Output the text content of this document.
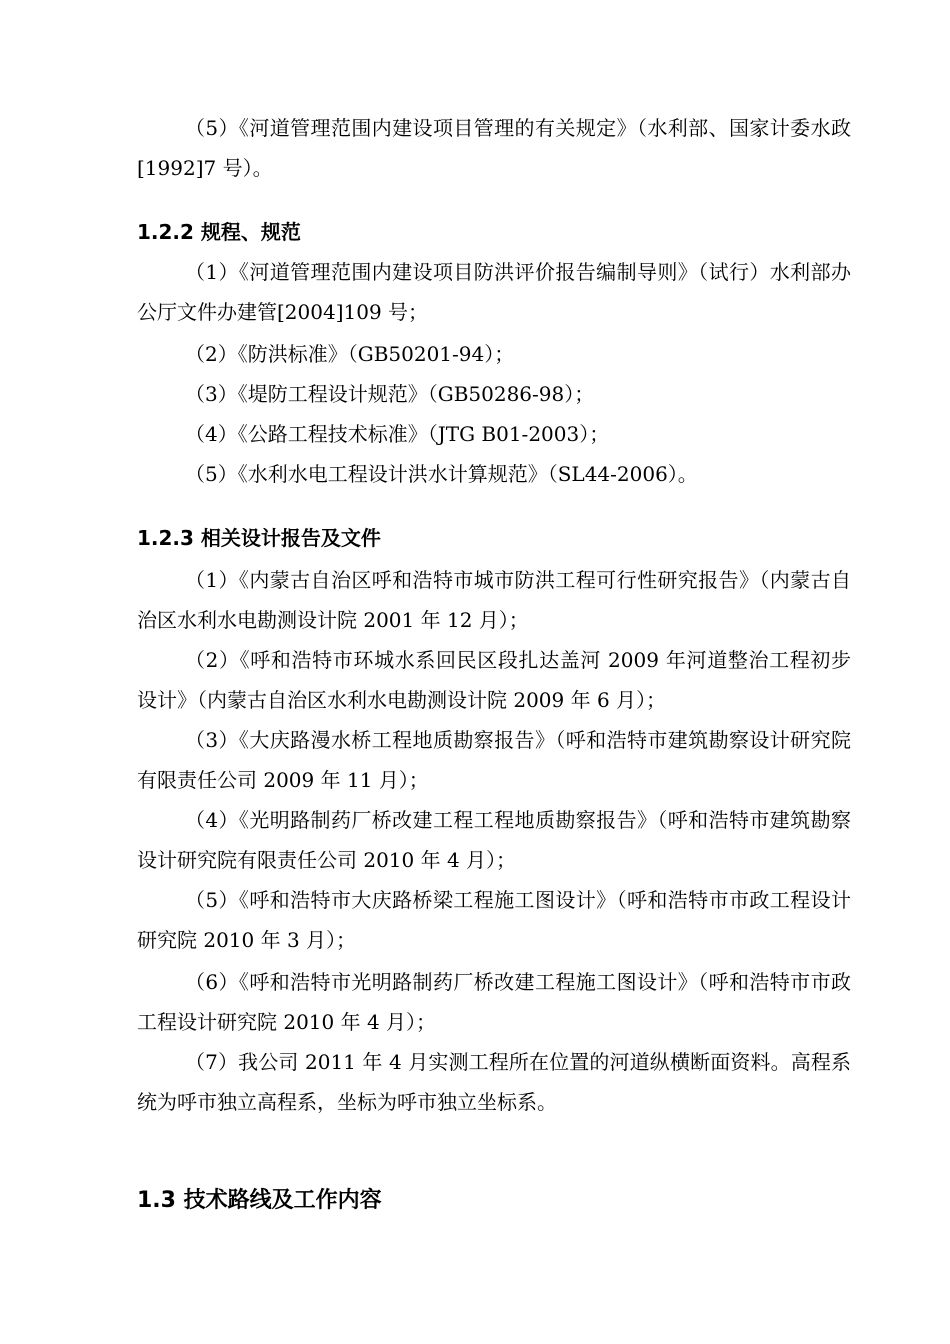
（5）《河道管理范围内建设项目管理的有关规定》（水利部、国家计委水政[1992]7 号）。

1.2.2 规程、规范

（1）《河道管理范围内建设项目防洪评价报告编制导则》（试行）水利部办公厅文件办建管[2004]109 号；

（2）《防洪标准》（GB50201-94）；

（3）《堤防工程设计规范》（GB50286-98）；

（4）《公路工程技术标准》（JTG B01-2003）；

（5）《水利水电工程设计洪水计算规范》（SL44-2006）。

1.2.3 相关设计报告及文件

（1）《内蒙古自治区呼和浩特市城市防洪工程可行性研究报告》（内蒙古自治区水利水电勘测设计院 2001 年 12 月）；

（2）《呼和浩特市环城水系回民区段扎达盖河 2009 年河道整治工程初步设计》（内蒙古自治区水利水电勘测设计院 2009 年 6 月）；

（3）《大庆路漫水桥工程地质勘察报告》（呼和浩特市建筑勘察设计研究院有限责任公司 2009 年 11 月）；

（4）《光明路制药厂桥改建工程工程地质勘察报告》（呼和浩特市建筑勘察设计研究院有限责任公司 2010 年 4 月）；

（5）《呼和浩特市大庆路桥梁工程施工图设计》（呼和浩特市市政工程设计研究院 2010 年 3 月）；

（6）《呼和浩特市光明路制药厂桥改建工程施工图设计》（呼和浩特市市政工程设计研究院 2010 年 4 月）；

（7）我公司 2011 年 4 月实测工程所在位置的河道纵横断面资料。高程系统为呼市独立高程系，坐标为呼市独立坐标系。

1.3 技术路线及工作内容
